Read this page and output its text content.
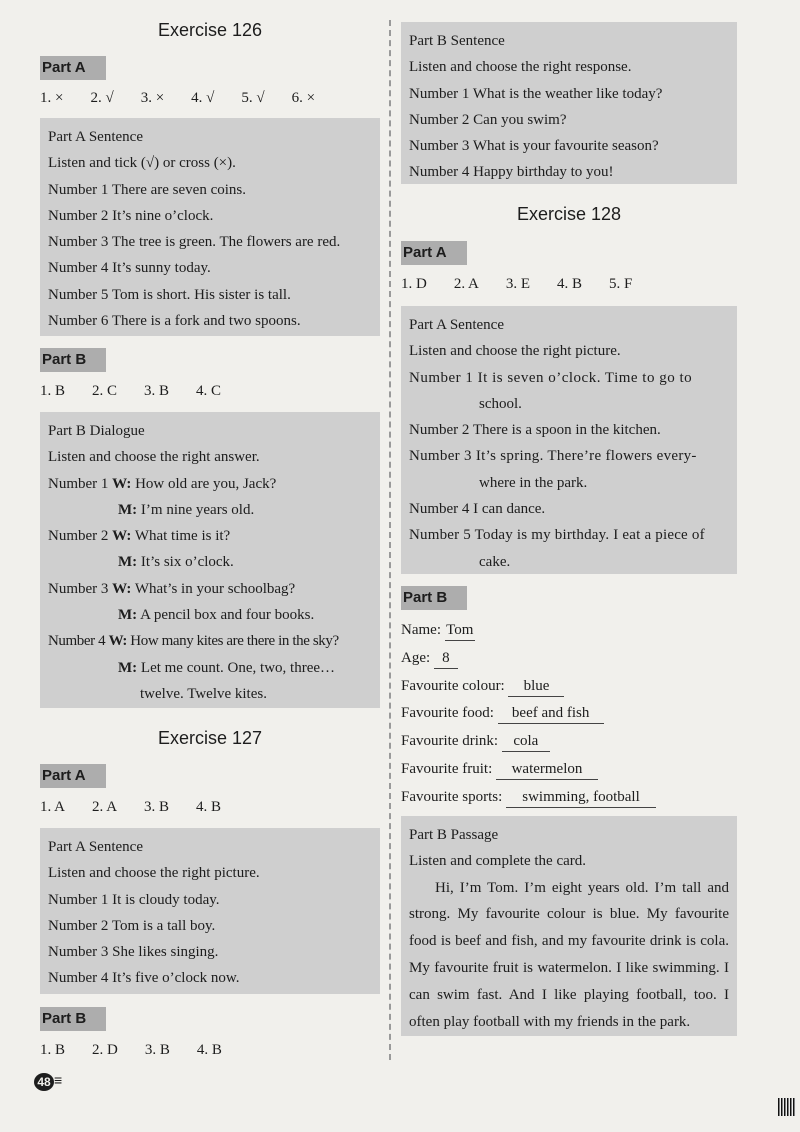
Exercise 126
Part A
1. × 2. √ 3. × 4. √ 5. √ 6. ×
Part A Sentence
Listen and tick (√) or cross (×).
Number 1 There are seven coins.
Number 2 It’s nine o’clock.
Number 3 The tree is green. The flowers are red.
Number 4 It’s sunny today.
Number 5 Tom is short. His sister is tall.
Number 6 There is a fork and two spoons.
Part B
1. B 2. C 3. B 4. C
Part B Dialogue
Listen and choose the right answer.
Number 1 W: How old are you, Jack?
M: I’m nine years old.
Number 2 W: What time is it?
M: It’s six o’clock.
Number 3 W: What’s in your schoolbag?
M: A pencil box and four books.
Number 4 W: How many kites are there in the sky?
M: Let me count. One, two, three…
twelve. Twelve kites.
Exercise 127
Part A
1. A 2. A 3. B 4. B
Part A Sentence
Listen and choose the right picture.
Number 1 It is cloudy today.
Number 2 Tom is a tall boy.
Number 3 She likes singing.
Number 4 It’s five o’clock now.
Part B
1. B 2. D 3. B 4. B
Part B Sentence
Listen and choose the right response.
Number 1 What is the weather like today?
Number 2 Can you swim?
Number 3 What is your favourite season?
Number 4 Happy birthday to you!
Exercise 128
Part A
1. D 2. A 3. E 4. B 5. F
Part A Sentence
Listen and choose the right picture.
Number 1 It is seven o’clock. Time to go to
school.
Number 2 There is a spoon in the kitchen.
Number 3 It’s spring. There’re flowers every-
where in the park.
Number 4 I can dance.
Number 5 Today is my birthday. I eat a piece of
cake.
Part B
Name: Tom
Age: 8
Favourite colour: blue
Favourite food: beef and fish
Favourite drink: cola
Favourite fruit: watermelon
Favourite sports: swimming, football
Part B Passage
Listen and complete the card.
Hi, I’m Tom. I’m eight years old. I’m tall and strong. My favourite colour is blue. My favourite food is beef and fish, and my favourite drink is cola. My favourite fruit is watermelon. I like swimming. I can swim fast. And I like playing football, too. I often play football with my friends in the park.
48 ≡
